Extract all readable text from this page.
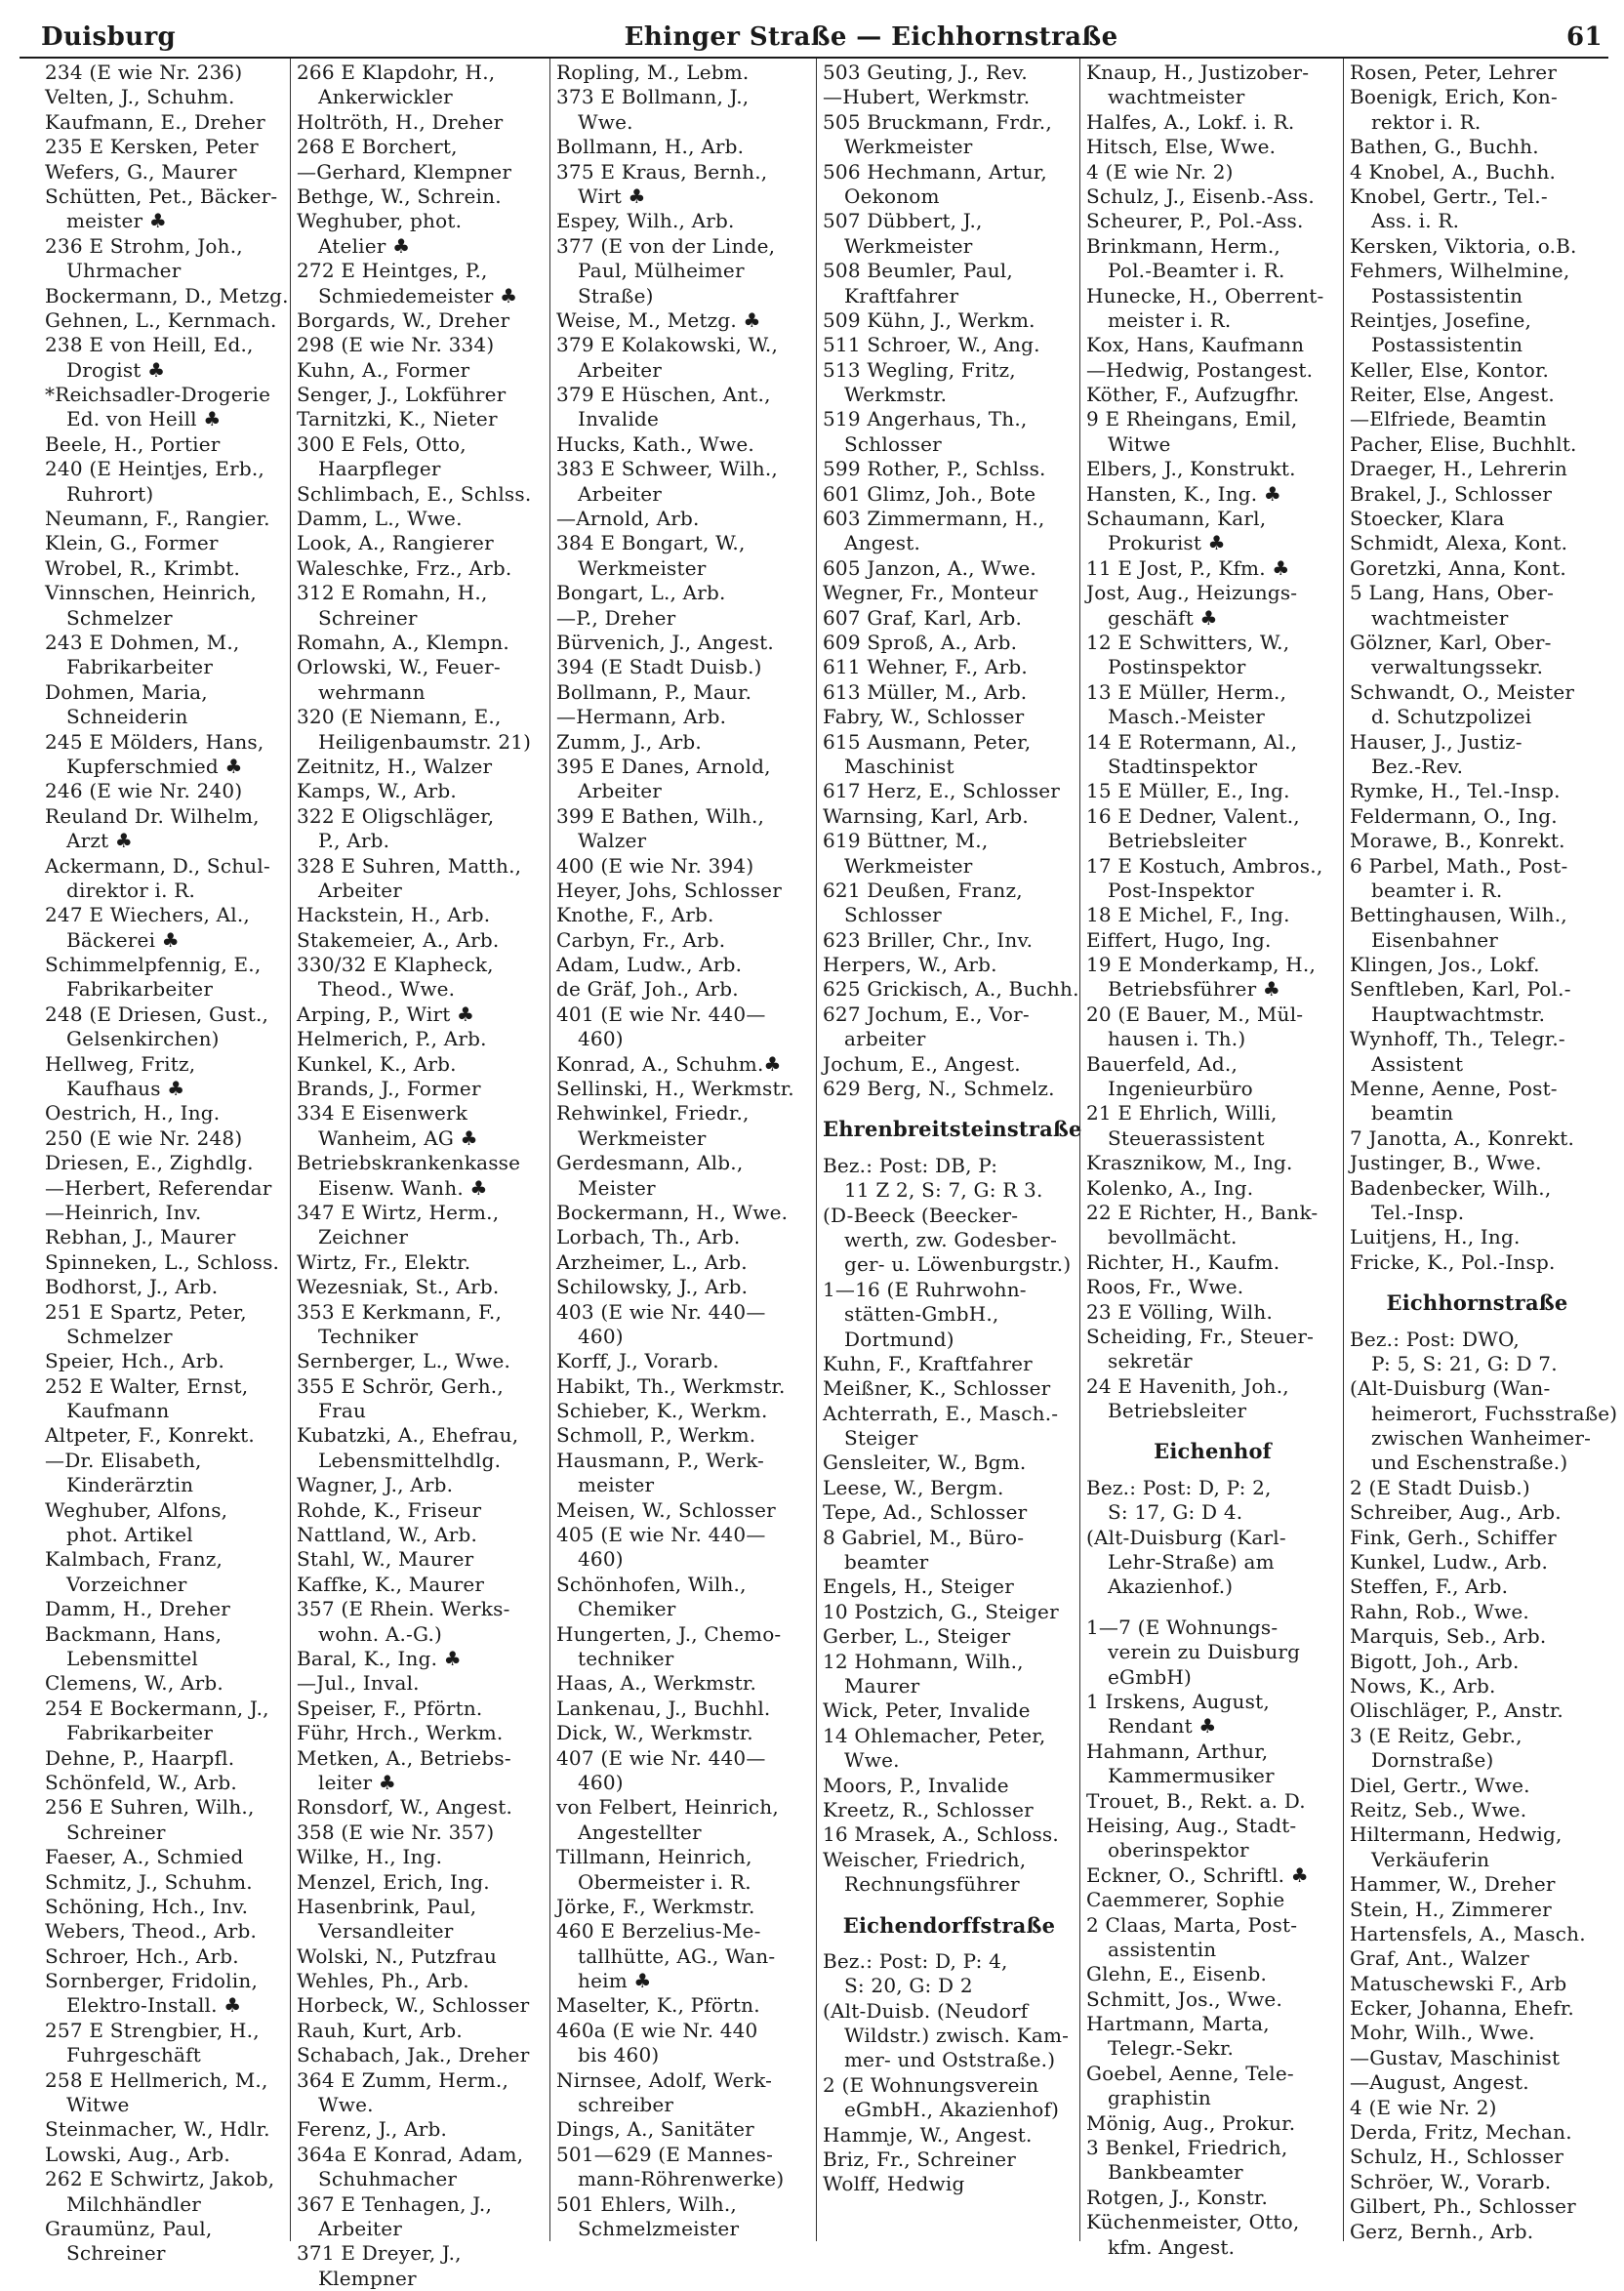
Duisburg	Ehinger Straße — Eichhornstraße	61
234 (E wie Nr. 236)
Velten, J., Schuhm.
Kaufmann, E., Dreher
235 E Kersken, Peter
Wefers, G., Maurer
Schütten, Pet., Bäcker-
meister ♣
236 E Strohm, Joh.,
Uhrmacher
Bockermann, D., Metzg.
Gehnen, L., Kernmach.
238 E von Heill, Ed.,
Drogist ♣
*Reichsadler-Drogerie
Ed. von Heill ♣
Beele, H., Portier
240 (E Heintjes, Erb.,
Ruhrort)
Neumann, F., Rangier.
Klein, G., Former
Wrobel, R., Krimbt.
Vinnschen, Heinrich,
Schmelzer
243 E Dohmen, M.,
Fabrikarbeiter
Dohmen, Maria,
Schneiderin
245 E Mölders, Hans,
Kupferschmied ♣
246 (E wie Nr. 240)
Reuland Dr. Wilhelm,
Arzt ♣
Ackermann, D., Schul-
direktor i. R.
247 E Wiechers, Al.,
Bäckerei ♣
Schimmelpfennig, E.,
Fabrikarbeiter
248 (E Driesen, Gust.,
Gelsenkirchen)
Hellweg, Fritz,
Kaufhaus ♣
Oestrich, H., Ing.
250 (E wie Nr. 248)
Driesen, E., Zighdlg.
—Herbert, Referendar
—Heinrich, Inv.
Rebhan, J., Maurer
Spinneken, L., Schloss.
Bodhorst, J., Arb.
251 E Spartz, Peter,
Schmelzer
Speier, Hch., Arb.
252 E Walter, Ernst,
Kaufmann
Altpeter, F., Konrekt.
—Dr. Elisabeth,
Kinderärztin
Weghuber, Alfons,
phot. Artikel
Kalmbach, Franz,
Vorzeichner
Damm, H., Dreher
Backmann, Hans,
Lebensmittel
Clemens, W., Arb.
254 E Bockermann, J.,
Fabrikarbeiter
Dehne, P., Haarpfl.
Schönfeld, W., Arb.
256 E Suhren, Wilh.,
Schreiner
Faeser, A., Schmied
Schmitz, J., Schuhm.
Schöning, Hch., Inv.
Webers, Theod., Arb.
Schroer, Hch., Arb.
Sornberger, Fridolin,
Elektro-Install. ♣
257 E Strengbier, H.,
Fuhrgeschäft
258 E Hellmerich, M.,
Witwe
Steinmacher, W., Hdlr.
Lowski, Aug., Arb.
262 E Schwirtz, Jakob,
Milchhändler
Graumünz, Paul,
Schreiner
266 E Klapdohr, H.,
Ankerwickler
Holtröth, H., Dreher
268 E Borchert,
—Gerhard, Klempner
Bethge, W., Schrein.
Weghuber, phot.
Atelier ♣
272 E Heintges, P.,
Schmiedemeister ♣
Borgards, W., Dreher
298 (E wie Nr. 334)
Kuhn, A., Former
Senger, J., Lokführer
Tarnitzki, K., Nieter
300 E Fels, Otto,
Haarpfleger
Schlimbach, E., Schlss.
Damm, L., Wwe.
Look, A., Rangierer
Waleschke, Frz., Arb.
312 E Romahn, H.,
Schreiner
Romahn, A., Klempn.
Orlowski, W., Feuer-
wehrmann
320 (E Niemann, E.,
Heiligenbaumstr. 21)
Zeitnitz, H., Walzer
Kamps, W., Arb.
322 E Oligschläger,
P., Arb.
328 E Suhren, Matth.,
Arbeiter
Hackstein, H., Arb.
Stakemeier, A., Arb.
330/32 E Klapheck,
Theod., Wwe.
Arping, P., Wirt ♣
Helmerich, P., Arb.
Kunkel, K., Arb.
Brands, J., Former
334 E Eisenwerk
Wanheim, AG ♣
Betriebskrankenkasse
Eisenw. Wanh. ♣
347 E Wirtz, Herm.,
Zeichner
Wirtz, Fr., Elektr.
Wezesniak, St., Arb.
353 E Kerkmann, F.,
Techniker
Sernberger, L., Wwe.
355 E Schrör, Gerh.,
Frau
Kubatzki, A., Ehefrau,
Lebensmittelhdlg.
Wagner, J., Arb.
Rohde, K., Friseur
Nattland, W., Arb.
Stahl, W., Maurer
Kaffke, K., Maurer
357 (E Rhein. Werks-
wohn. A.-G.)
Baral, K., Ing. ♣
—Jul., Inval.
Speiser, F., Pförtn.
Führ, Hrch., Werkm.
Metken, A., Betriebs-
leiter ♣
Ronsdorf, W., Angest.
358 (E wie Nr. 357)
Wilke, H., Ing.
Menzel, Erich, Ing.
Hasenbrink, Paul,
Versandleiter
Wolski, N., Putzfrau
Wehles, Ph., Arb.
Horbeck, W., Schlosser
Rauh, Kurt, Arb.
Schabach, Jak., Dreher
364 E Zumm, Herm.,
Wwe.
Ferenz, J., Arb.
364a E Konrad, Adam,
Schuhmacher
367 E Tenhagen, J.,
Arbeiter
371 E Dreyer, J.,
Klempner
Ropling, M., Lebm.
373 E Bollmann, J.,
Wwe.
Bollmann, H., Arb.
375 E Kraus, Bernh.,
Wirt ♣
Espey, Wilh., Arb.
377 (E von der Linde,
Paul, Mülheimer
Straße)
Weise, M., Metzg. ♣
379 E Kolakowski, W.,
Arbeiter
379 E Hüschen, Ant.,
Invalide
Hucks, Kath., Wwe.
383 E Schweer, Wilh.,
Arbeiter
—Arnold, Arb.
384 E Bongart, W.,
Werkmeister
Bongart, L., Arb.
—P., Dreher
Bürvenich, J., Angest.
394 (E Stadt Duisb.)
Bollmann, P., Maur.
—Hermann, Arb.
Zumm, J., Arb.
395 E Danes, Arnold,
Arbeiter
399 E Bathen, Wilh.,
Walzer
400 (E wie Nr. 394)
Heyer, Johs, Schlosser
Knothe, F., Arb.
Carbyn, Fr., Arb.
Adam, Ludw., Arb.
de Gräf, Joh., Arb.
401 (E wie Nr. 440—
460)
Konrad, A., Schuhm.♣
Sellinski, H., Werkmstr.
Rehwinkel, Friedr.,
Werkmeister
Gerdesmann, Alb.,
Meister
Bockermann, H., Wwe.
Lorbach, Th., Arb.
Arzheimer, L., Arb.
Schilowsky, J., Arb.
403 (E wie Nr. 440—
460)
Korff, J., Vorarb.
Habikt, Th., Werkmstr.
Schieber, K., Werkm.
Schmoll, P., Werkm.
Hausmann, P., Werk-
meister
Meisen, W., Schlosser
405 (E wie Nr. 440—
460)
Schönhofen, Wilh.,
Chemiker
Hungerten, J., Chemo-
techniker
Haas, A., Werkmstr.
Lankenau, J., Buchhl.
Dick, W., Werkmstr.
407 (E wie Nr. 440—
460)
von Felbert, Heinrich,
Angestellter
Tillmann, Heinrich,
Obermeister i. R.
Jörke, F., Werkmstr.
460 E Berzelius-Me-
tallhütte, AG., Wan-
heim ♣
Maselter, K., Pförtn.
460a (E wie Nr. 440
bis 460)
Nirnsee, Adolf, Werk-
schreiber
Dings, A., Sanitäter
501—629 (E Mannes-
mann-Röhrenwerke)
501 Ehlers, Wilh.,
Schmelzmeister
503 Geuting, J., Rev.
—Hubert, Werkmstr.
505 Bruckmann, Frdr.,
Werkmeister
506 Hechmann, Artur,
Oekonom
507 Dübbert, J.,
Werkmeister
508 Beumler, Paul,
Kraftfahrer
509 Kühn, J., Werkm.
511 Schroer, W., Ang.
513 Wegling, Fritz,
Werkmstr.
519 Angerhaus, Th.,
Schlosser
599 Rother, P., Schlss.
601 Glimz, Joh., Bote
603 Zimmermann, H.,
Angest.
605 Janzon, A., Wwe.
Wegner, Fr., Monteur
607 Graf, Karl, Arb.
609 Sproß, A., Arb.
611 Wehner, F., Arb.
613 Müller, M., Arb.
Fabry, W., Schlosser
615 Ausmann, Peter,
Maschinist
617 Herz, E., Schlosser
Warnsing, Karl, Arb.
619 Büttner, M.,
Werkmeister
621 Deußen, Franz,
Schlosser
623 Briller, Chr., Inv.
Herpers, W., Arb.
625 Grickisch, A., Buchh.
627 Jochum, E., Vor-
arbeiter
Jochum, E., Angest.
629 Berg, N., Schmelz.
Ehrenbreitsteinstraße
Bez.: Post: DB, P:
11 Z 2, S: 7, G: R 3.
(D-Beeck (Beecker-
werth, zw. Godesber-
ger- u. Löwenburgstr.)
1—16 (E Ruhrwohn-
stätten-GmbH.,
Dortmund)
Kuhn, F., Kraftfahrer
Meißner, K., Schlosser
Achterrath, E., Masch.-
Steiger
Gensleiter, W., Bgm.
Leese, W., Bergm.
Tepe, Ad., Schlosser
8 Gabriel, M., Büro-
beamter
Engels, H., Steiger
10 Postzich, G., Steiger
Gerber, L., Steiger
12 Hohmann, Wilh.,
Maurer
Wick, Peter, Invalide
14 Ohlemacher, Peter,
Wwe.
Moors, P., Invalide
Kreetz, R., Schlosser
16 Mrasek, A., Schloss.
Weischer, Friedrich,
Rechnungsführer
Eichendorffstraße
Bez.: Post: D, P: 4,
S: 20, G: D 2
(Alt-Duisb. (Neudorf
Wildstr.) zwisch. Kam-
mer- und Oststraße.)
2 (E Wohnungsverein
eGmbH., Akazienhof)
Hammje, W., Angest.
Briz, Fr., Schreiner
Wolff, Hedwig
Knaup, H., Justizober-
wachtmeister
Halfes, A., Lokf. i. R.
Hitsch, Else, Wwe.
4 (E wie Nr. 2)
Schulz, J., Eisenb.-Ass.
Scheurer, P., Pol.-Ass.
Brinkmann, Herm.,
Pol.-Beamter i. R.
Hunecke, H., Oberrent-
meister i. R.
Kox, Hans, Kaufmann
—Hedwig, Postangest.
Köther, F., Aufzugfhr.
9 E Rheingans, Emil,
Witwe
Elbers, J., Konstrukt.
Hansten, K., Ing. ♣
Schaumann, Karl,
Prokurist ♣
11 E Jost, P., Kfm. ♣
Jost, Aug., Heizungs-
geschäft ♣
12 E Schwitters, W.,
Postinspektor
13 E Müller, Herm.,
Masch.-Meister
14 E Rotermann, Al.,
Stadtinspektor
15 E Müller, E., Ing.
16 E Dedner, Valent.,
Betriebsleiter
17 E Kostuch, Ambros.,
Post-Inspektor
18 E Michel, F., Ing.
Eiffert, Hugo, Ing.
19 E Monderkamp, H.,
Betriebsführer ♣
20 (E Bauer, M., Mül-
hausen i. Th.)
Bauerfeld, Ad.,
Ingenieurbüro
21 E Ehrlich, Willi,
Steuerassistent
Krasznikow, M., Ing.
Kolenko, A., Ing.
22 E Richter, H., Bank-
bevollmächt.
Richter, H., Kaufm.
Roos, Fr., Wwe.
23 E Völling, Wilh.
Scheiding, Fr., Steuer-
sekretär
24 E Havenith, Joh.,
Betriebsleiter
Eichenhof
Bez.: Post: D, P: 2,
S: 17, G: D 4.
(Alt-Duisburg (Karl-
Lehr-Straße) am
Akazienhof.)
1—7 (E Wohnungs-
verein zu Duisburg
eGmbH)
1 Irskens, August,
Rendant ♣
Hahmann, Arthur,
Kammermusiker
Trouet, B., Rekt. a. D.
Heising, Aug., Stadt-
oberinspektor
Eckner, O., Schriftl. ♣
Caemmerer, Sophie
2 Claas, Marta, Post-
assistentin
Glehn, E., Eisenb.
Schmitt, Jos., Wwe.
Hartmann, Marta,
Telegr.-Sekr.
Goebel, Aenne, Tele-
graphistin
Mönig, Aug., Prokur.
3 Benkel, Friedrich,
Bankbeamter
Rotgen, J., Konstr.
Küchenmeister, Otto,
kfm. Angest.
Rosen, Peter, Lehrer
Boenigk, Erich, Kon-
rektor i. R.
Bathen, G., Buchh.
4 Knobel, A., Buchh.
Knobel, Gertr., Tel.-
Ass. i. R.
Kersken, Viktoria, o.B.
Fehmers, Wilhelmine,
Postassistentin
Reintjes, Josefine,
Postassistentin
Keller, Else, Kontor.
Reiter, Else, Angest.
—Elfriede, Beamtin
Pacher, Elise, Buchhlt.
Draeger, H., Lehrerin
Brakel, J., Schlosser
Stoecker, Klara
Schmidt, Alexa, Kont.
Goretzki, Anna, Kont.
5 Lang, Hans, Ober-
wachtmeister
Gölzner, Karl, Ober-
verwaltungssekr.
Schwandt, O., Meister
d. Schutzpolizei
Hauser, J., Justiz-
Bez.-Rev.
Rymke, H., Tel.-Insp.
Feldermann, O., Ing.
Morawe, B., Konrekt.
6 Parbel, Math., Post-
beamter i. R.
Bettinghausen, Wilh.,
Eisenbahner
Klingen, Jos., Lokf.
Senftleben, Karl, Pol.-
Hauptwachtmstr.
Wynhoff, Th., Telegr.-
Assistent
Menne, Aenne, Post-
beamtin
7 Janotta, A., Konrekt.
Justinger, B., Wwe.
Badenbecker, Wilh.,
Tel.-Insp.
Luitjens, H., Ing.
Fricke, K., Pol.-Insp.
Eichhornstraße
Bez.: Post: DWO,
P: 5, S: 21, G: D 7.
(Alt-Duisburg (Wan-
heimerort, Fuchsstraße)
zwischen Wanheimer-
und Eschenstraße.)
2 (E Stadt Duisb.)
Schreiber, Aug., Arb.
Fink, Gerh., Schiffer
Kunkel, Ludw., Arb.
Steffen, F., Arb.
Rahn, Rob., Wwe.
Marquis, Seb., Arb.
Bigott, Joh., Arb.
Nows, K., Arb.
Olischläger, P., Anstr.
3 (E Reitz, Gebr.,
Dornstraße)
Diel, Gertr., Wwe.
Reitz, Seb., Wwe.
Hiltermann, Hedwig,
Verkäuferin
Hammer, W., Dreher
Stein, H., Zimmerer
Hartensfels, A., Masch.
Graf, Ant., Walzer
Matuschewski F., Arb
Ecker, Johanna, Ehefr.
Mohr, Wilh., Wwe.
—Gustav, Maschinist
—August, Angest.
4 (E wie Nr. 2)
Derda, Fritz, Mechan.
Schulz, H., Schlosser
Schröer, W., Vorarb.
Gilbert, Ph., Schlosser
Gerz, Bernh., Arb.
